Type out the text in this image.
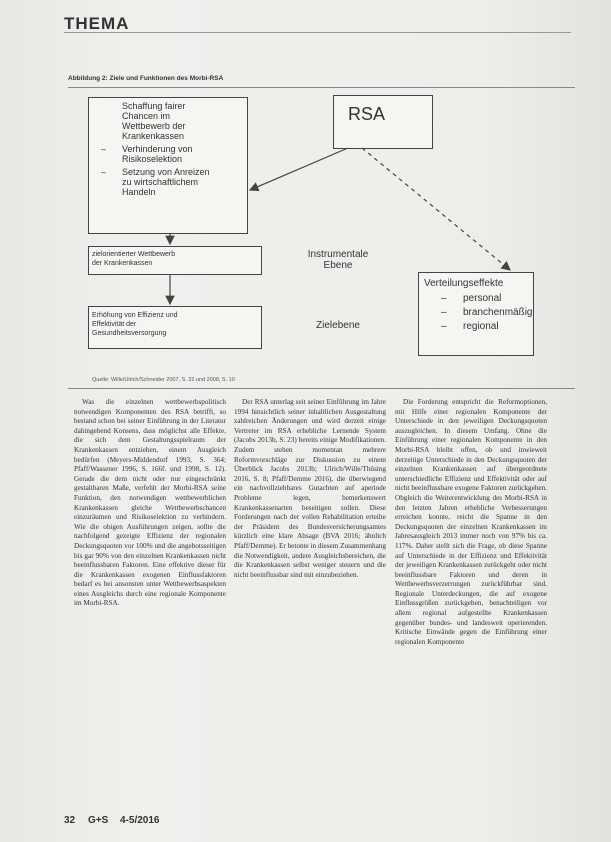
THEMA
Abbildung 2: Ziele und Funktionen des Morbi-RSA
Schaffung fairer
Chancen im
Wettbewerb der
Krankenkassen
– Verhinderung von
Risikoselektion
– Setzung von Anreizen
zu wirtschaftlichem
Handeln
RSA
zielorientierter Wettbewerb
der Krankenkassen
Erhöhung von Effizienz und
Effektivität der
Gesundheitsversorgung
Instrumentale
Ebene
Zielebene
Verteilungseffekte
– personal
– branchenmäßig
– regional
Quelle: Wille/Ulrich/Schneider 2007, S. 32 und 2008, S. 10

Was die einzelnen wettbewerbspolitisch notwendigen Komponenten des RSA betrifft, so bestand schon bei seiner Einführung in der Literatur dahingehend Konsens, dass möglichst alle Effekte, die sich dem Gestaltungsspielraum der Krankenkassen entziehen, einem Ausgleich bedürfen (Meyers-Middendorf 1993, S. 364; Pfaff/Wassener 1996, S. 166f. und 1998, S. 12). Gerade die dem nicht oder nur eingeschränkt gestaltbaren Maße, verfehlt der Morbi-RSA seine Funktion, den notwendigen wettbewerblichen Krankenkassen gleiche Wettbewerbschancen einzuräumen und Risikoselektion zu verhindern. Wie die obigen Ausführungen zeigen, sollte die nachfolgend gezeigte Effizienz der regionalen Deckungsquoten vor 100% und die angebotsseitigen bis gar 90% von den einzelnen Krankenkassen nicht beeinflussbaren Faktoren. Eine effektive dieser für die Krankenkassen exogenen Einflussfaktoren bedarf es bei ansonsten unter Wettbewerbsaspekten eines Ausgleichs durch eine regionale Komponente im Morbi-RSA.

Der RSA unterlag seit seiner Einführung im Jahre 1994 hinsichtlich seiner inhaltlichen Ausgestaltung zahlreichen Änderungen und wird derzeit einige Vertreter im RSA erhebliche Lernende System (Jacobs 2013b, S. 23) bereits einige Modifikationen. Zudem stehen momentan mehrere Reformvorschläge zur Diskussion zu einem Überblick Jacobs 2013b; Ulrich/Wille/Thüsing 2016, S. 8; Pfaff/Demme 2016), die überwiegend ein nachvollziehbares Gutachten auf aperiode Probleme legen, bemerkenswert Krankenkassenarten beseitigen sollen. Diese Forderungen nach der vollen Rehabilitation erteilte der Präsident des Bundesversicherungsamtes kürzlich eine klare Absage (BVA 2016; ähnlich Pfaff/Demme). Er betonte in diesem Zusammenhang die Notwendigkeit, andere Ausgleichsbereichen, die die Krankenkassen selbst weniger steuern und die nicht beeinflussbar sind mit einzubeziehen.

Die Forderung entspricht die Reformoptionen, mit Hilfe einer regionalen Komponente der Unterschiede in den jeweiligen Deckungsquoten auszugleichen. In diesem Umfang. Ohne die Einführung einer regionalen Komponente in den Morbi-RSA bleibt offen, ob und inwieweit derzeitige Unterschiede in den Deckungsquoten der einzelnen Krankenkassen auf übergeordnete unterschiedliche Effizienz und Effektivität oder auf nicht beeinflussbare exogene Faktoren zurückgehen. Obgleich die Weiterentwicklung des Morbi-RSA in den letzten Jahren erhebliche Verbesserungen erreichen konnte, reicht die Spanne in den Deckungsquoten der einzelnen Krankenkassen im Jahresausgleich 2013 immer noch von 97% bis ca. 117%. Daher stellt sich die Frage, ob diese Spanne auf Unterschiede in der Effizienz und Effektivität der jeweiligen Krankenkassen zurückgeht oder nicht beeinflussbare Faktoren und deren in Wettbewerbsverzerrungen zurückführbar sind. Regionale Unterdeckungen, die auf exogene Einflussgrößen zurückgehen, benachteiligen vor allem regional aufgestellte Krankenkassen gegenüber bundes- und landesweit operierenden. Kritische Einwände gegen die Einführung einer regionalen Komponente

32 G+S 4-5/2016
